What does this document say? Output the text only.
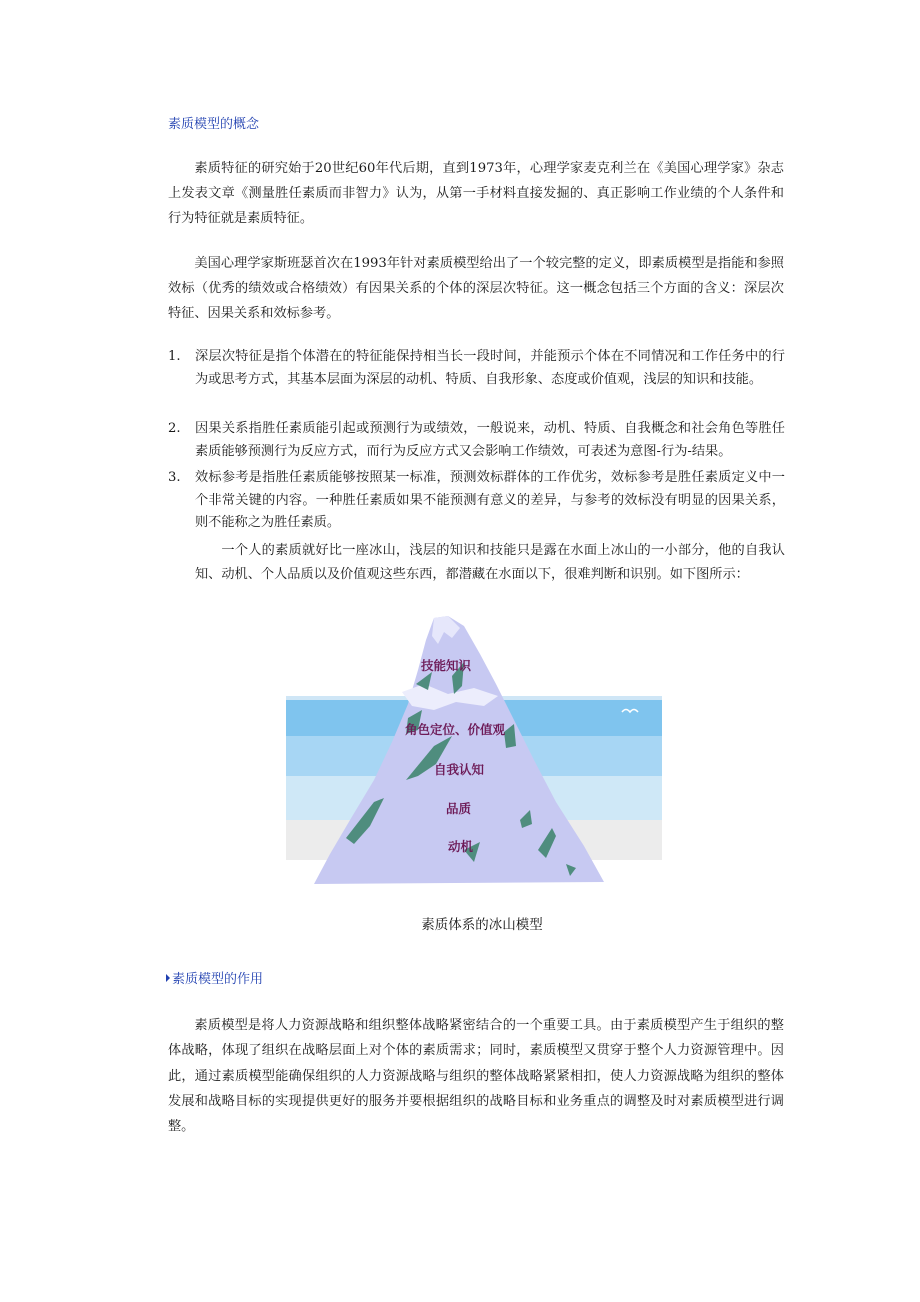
素质模型的概念

素质特征的研究始于20世纪60年代后期，直到1973年，心理学家麦克利兰在《美国心理学家》杂志上发表文章《测量胜任素质而非智力》认为，从第一手材料直接发掘的、真正影响工作业绩的个人条件和行为特征就是素质特征。

美国心理学家斯班瑟首次在1993年针对素质模型给出了一个较完整的定义，即素质模型是指能和参照效标（优秀的绩效或合格绩效）有因果关系的个体的深层次特征。这一概念包括三个方面的含义：深层次特征、因果关系和效标参考。

1.	深层次特征是指个体潜在的特征能保持相当长一段时间，并能预示个体在不同情况和工作任务中的行为或思考方式，其基本层面为深层的动机、特质、自我形象、态度或价值观，浅层的知识和技能。

2.	因果关系指胜任素质能引起或预测行为或绩效，一般说来，动机、特质、自我概念和社会角色等胜任素质能够预测行为反应方式，而行为反应方式又会影响工作绩效，可表述为意图-行为-结果。

3.	效标参考是指胜任素质能够按照某一标准，预测效标群体的工作优劣，效标参考是胜任素质定义中一个非常关键的内容。一种胜任素质如果不能预测有意义的差异，与参考的效标没有明显的因果关系，则不能称之为胜任素质。

一个人的素质就好比一座冰山，浅层的知识和技能只是露在水面上冰山的一小部分，他的自我认知、动机、个人品质以及价值观这些东西，都潜藏在水面以下，很难判断和识别。如下图所示：

技能知识
角色定位、价值观
自我认知
品质
动机
素质体系的冰山模型
素质模型的作用

素质模型是将人力资源战略和组织整体战略紧密结合的一个重要工具。由于素质模型产生于组织的整体战略，体现了组织在战略层面上对个体的素质需求；同时，素质模型又贯穿于整个人力资源管理中。因此，通过素质模型能确保组织的人力资源战略与组织的整体战略紧紧相扣，使人力资源战略为组织的整体发展和战略目标的实现提供更好的服务并要根据组织的战略目标和业务重点的调整及时对素质模型进行调整。
